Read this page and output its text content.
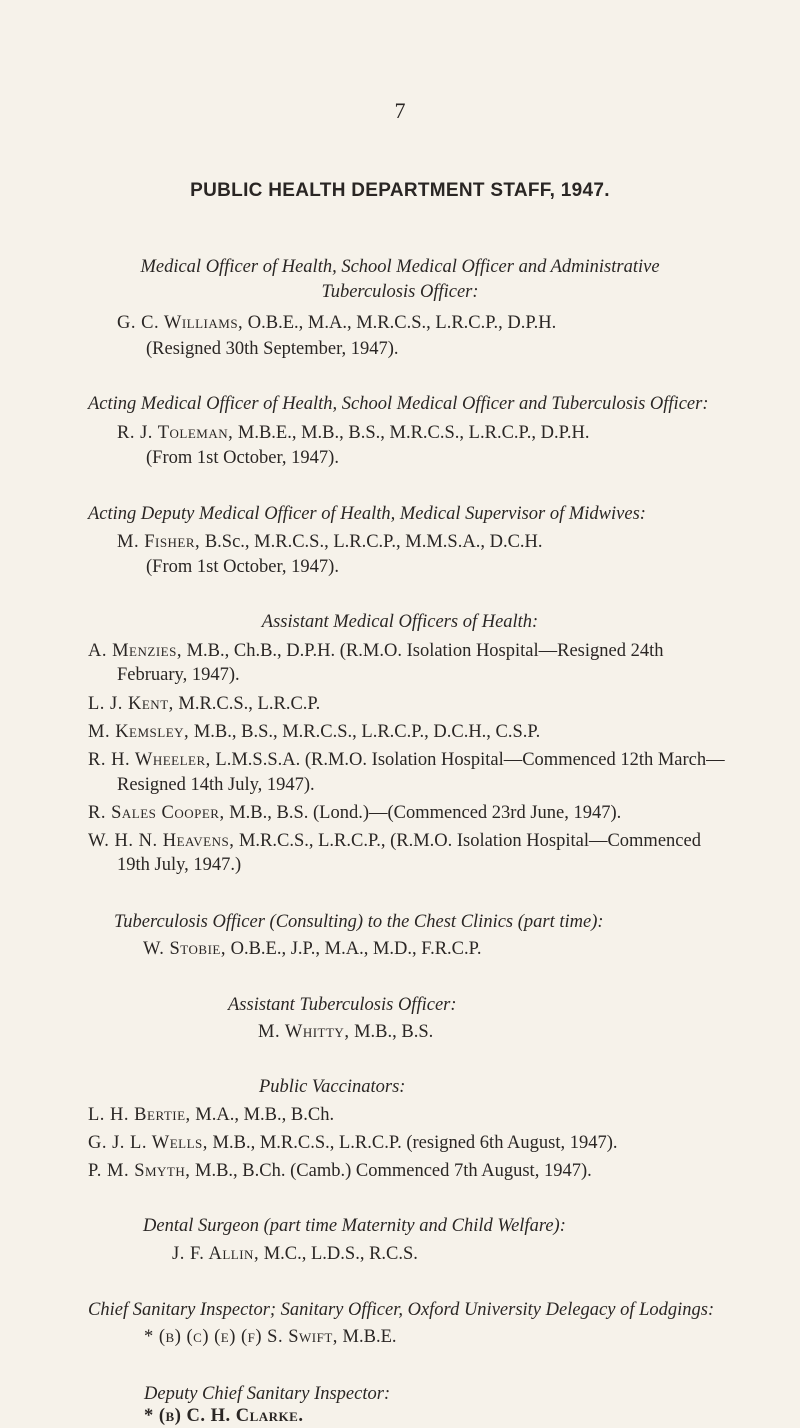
7
PUBLIC HEALTH DEPARTMENT STAFF, 1947.
Medical Officer of Health, School Medical Officer and Administrative
Tuberculosis Officer:
G. C. Williams, O.B.E., M.A., M.R.C.S., L.R.C.P., D.P.H.
(Resigned 30th September, 1947).
Acting Medical Officer of Health, School Medical Officer and Tuberculosis Officer:
R. J. Toleman, M.B.E., M.B., B.S., M.R.C.S., L.R.C.P., D.P.H.
(From 1st October, 1947).
Acting Deputy Medical Officer of Health, Medical Supervisor of Midwives:
M. Fisher, B.Sc., M.R.C.S., L.R.C.P., M.M.S.A., D.C.H.
(From 1st October, 1947).
Assistant Medical Officers of Health:
A. Menzies, M.B., Ch.B., D.P.H. (R.M.O. Isolation Hospital—Resigned 24th
February, 1947).
L. J. Kent, M.R.C.S., L.R.C.P.
M. Kemsley, M.B., B.S., M.R.C.S., L.R.C.P., D.C.H., C.S.P.
R. H. Wheeler, L.M.S.S.A. (R.M.O. Isolation Hospital—Commenced 12th March—
Resigned 14th July, 1947).
R. Sales Cooper, M.B., B.S. (Lond.)—(Commenced 23rd June, 1947).
W. H. N. Heavens, M.R.C.S., L.R.C.P., (R.M.O. Isolation Hospital—Commenced
19th July, 1947.)
Tuberculosis Officer (Consulting) to the Chest Clinics (part time):
W. Stobie, O.B.E., J.P., M.A., M.D., F.R.C.P.
Assistant Tuberculosis Officer:
M. Whitty, M.B., B.S.
Public Vaccinators:
L. H. Bertie, M.A., M.B., B.Ch.
G. J. L. Wells, M.B., M.R.C.S., L.R.C.P. (resigned 6th August, 1947).
P. M. Smyth, M.B., B.Ch. (Camb.) Commenced 7th August, 1947).
Dental Surgeon (part time Maternity and Child Welfare):
J. F. Allin, M.C., L.D.S., R.C.S.
Chief Sanitary Inspector; Sanitary Officer, Oxford University Delegacy of Lodgings:
* (b) (c) (e) (f) S. Swift, M.B.E.
Deputy Chief Sanitary Inspector:
* (b) C. H. Clarke.
